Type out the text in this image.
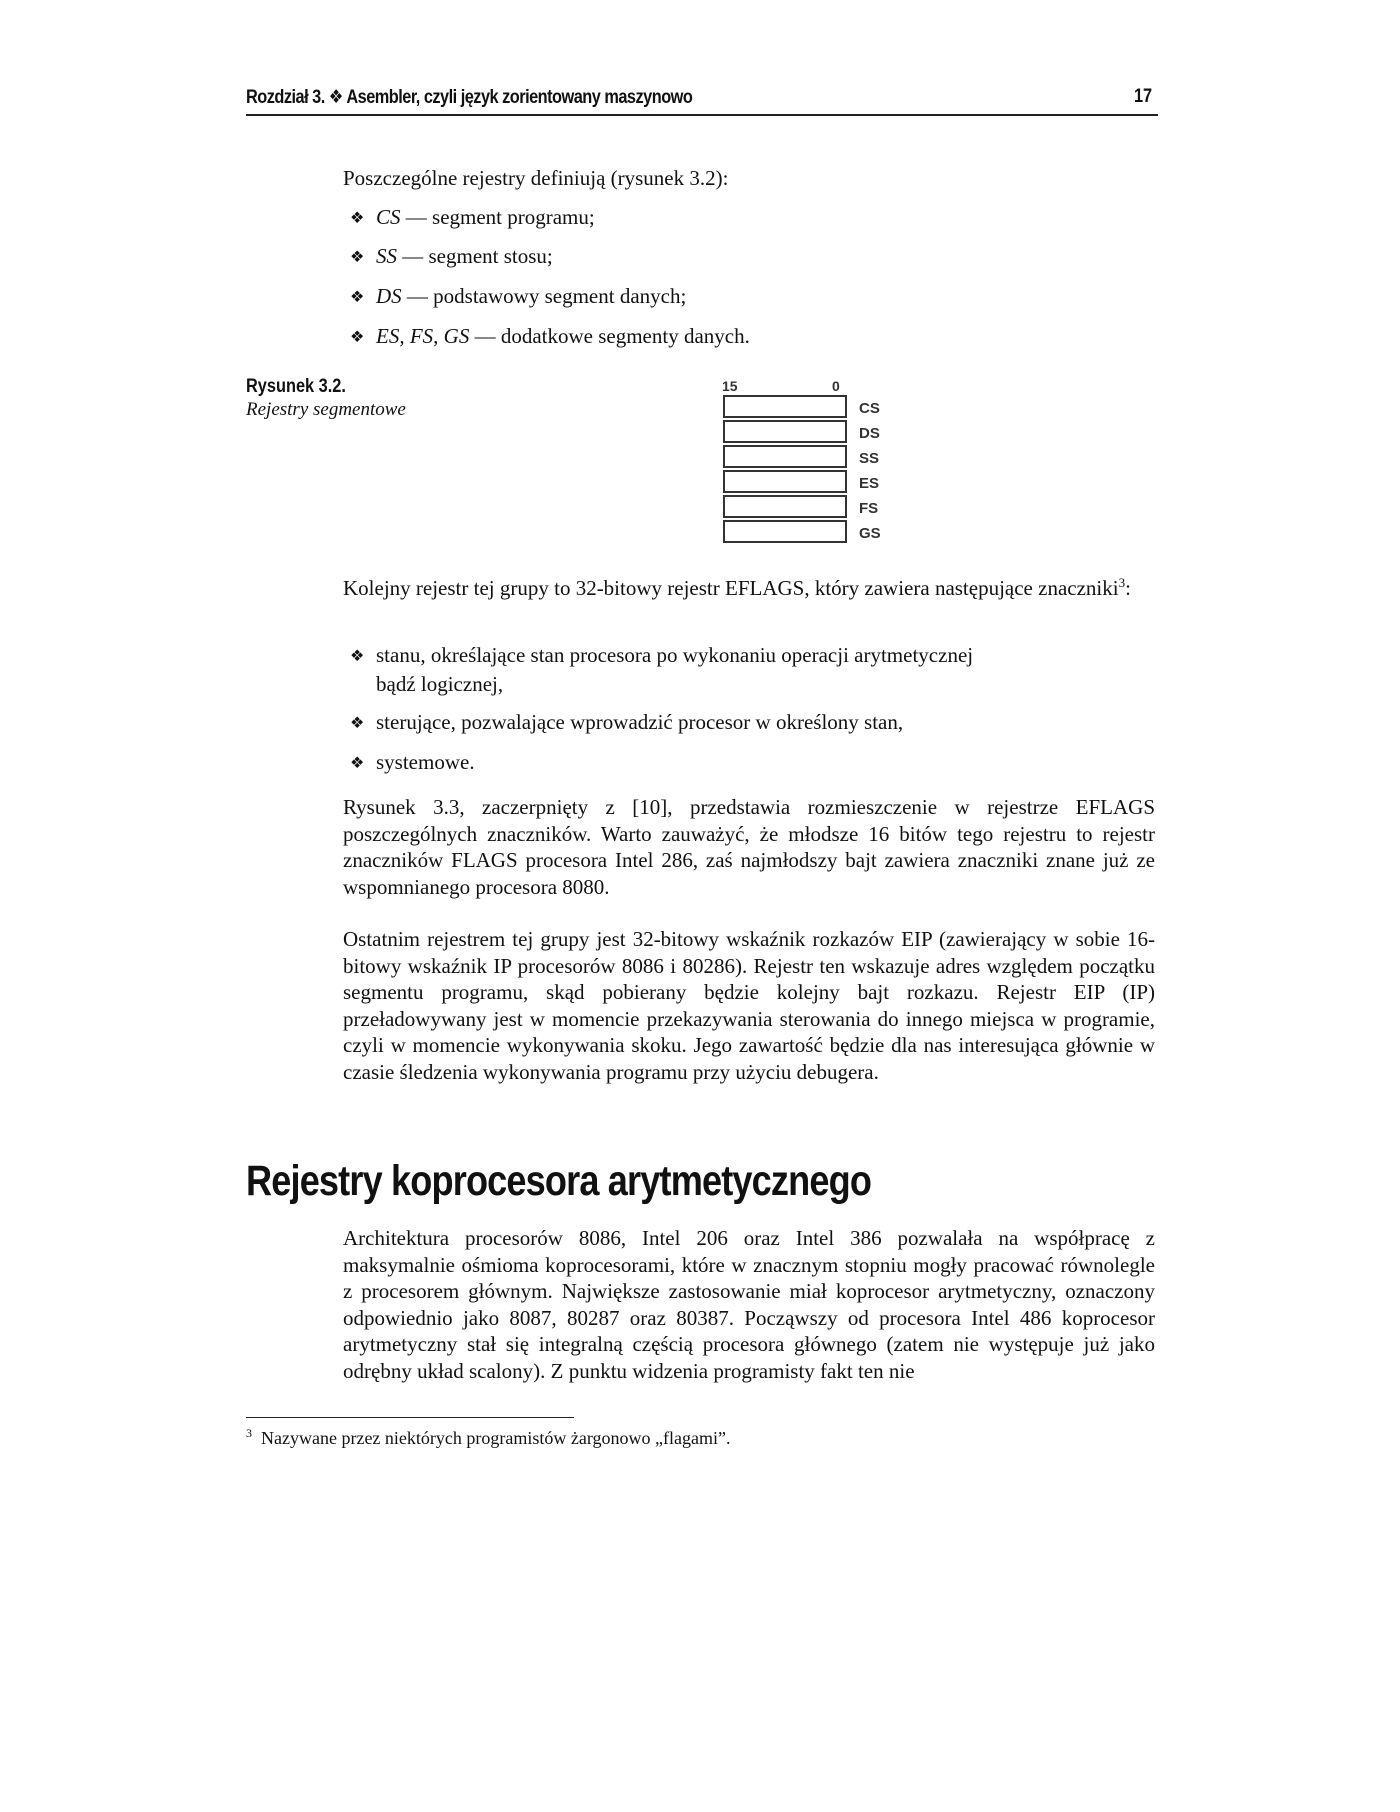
Rozdział 3. ❖ Asembler, czyli język zorientowany maszynowo	17

Poszczególne rejestry definiują (rysunek 3.2):

❖ CS — segment programu;
❖ SS — segment stosu;
❖ DS — podstawowy segment danych;
❖ ES, FS, GS — dodatkowe segmenty danych.
Rysunek 3.2.
Rejestry segmentowe
15	0
CS
DS
SS
ES
FS
GS

Kolejny rejestr tej grupy to 32-bitowy rejestr EFLAGS, który zawiera następujące znaczniki$^3$:

❖ stanu, określające stan procesora po wykonaniu operacji arytmetycznej
bądź logicznej,
❖ sterujące, pozwalające wprowadzić procesor w określony stan,
❖ systemowe.

Rysunek 3.3, zaczerpnięty z [10], przedstawia rozmieszczenie w rejestrze EFLAGS poszczególnych znaczników. Warto zauważyć, że młodsze 16 bitów tego rejestru to rejestr znaczników FLAGS procesora Intel 286, zaś najmłodszy bajt zawiera znaczniki znane już ze wspomnianego procesora 8080.

Ostatnim rejestrem tej grupy jest 32-bitowy wskaźnik rozkazów EIP (zawierający w sobie 16-bitowy wskaźnik IP procesorów 8086 i 80286). Rejestr ten wskazuje adres względem początku segmentu programu, skąd pobierany będzie kolejny bajt rozkazu. Rejestr EIP (IP) przeładowywany jest w momencie przekazywania sterowania do innego miejsca w programie, czyli w momencie wykonywania skoku. Jego zawartość będzie dla nas interesująca głównie w czasie śledzenia wykonywania programu przy użyciu debugera.

Rejestry koprocesora arytmetycznego

Architektura procesorów 8086, Intel 206 oraz Intel 386 pozwalała na współpracę z maksymalnie ośmioma koprocesorami, które w znacznym stopniu mogły pracować równolegle z procesorem głównym. Największe zastosowanie miał koprocesor arytmetyczny, oznaczony odpowiednio jako 8087, 80287 oraz 80387. Począwszy od procesora Intel 486 koprocesor arytmetyczny stał się integralną częścią procesora głównego (zatem nie występuje już jako odrębny układ scalony). Z punktu widzenia programisty fakt ten nie

$^3$ Nazywane przez niektórych programistów żargonowo „flagami”.
